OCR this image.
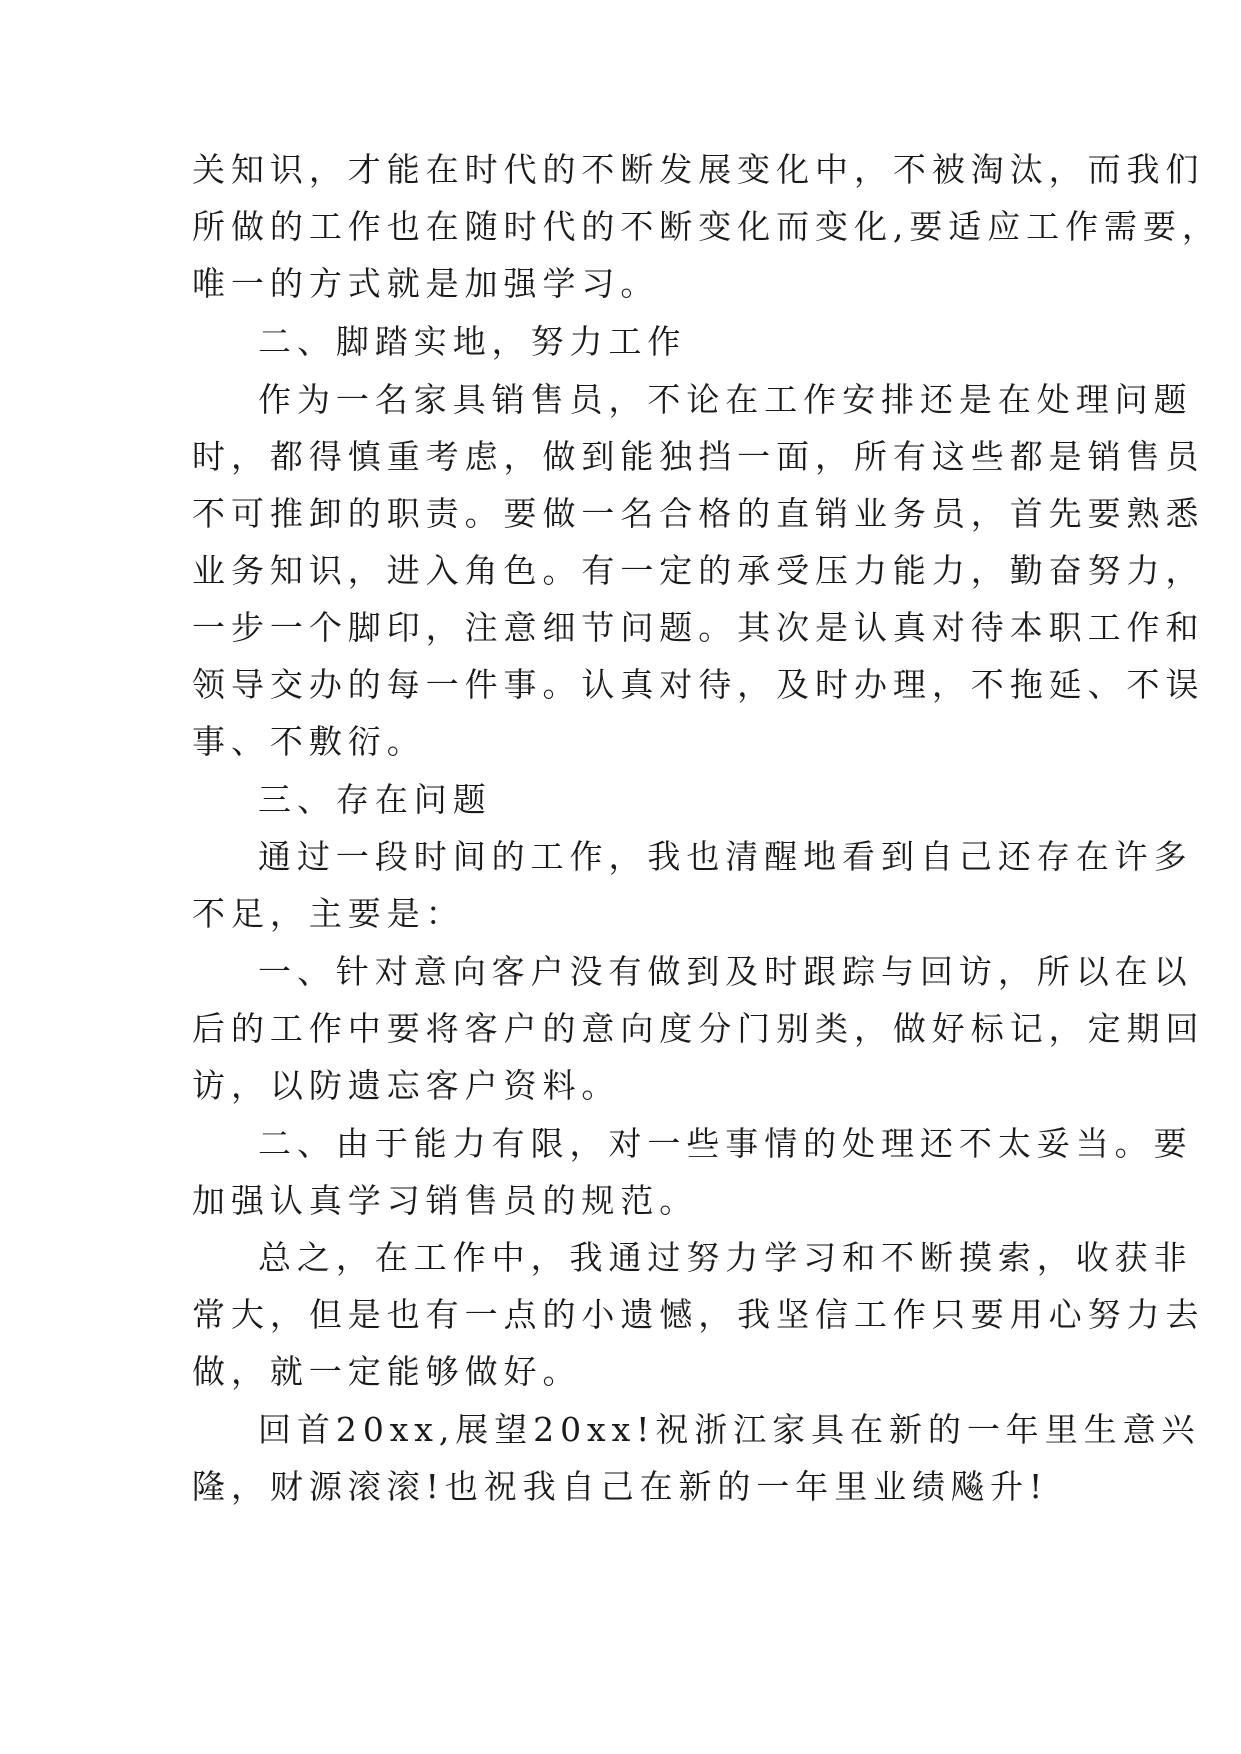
关知识，才能在时代的不断发展变化中，不被淘汰，而我们
所做的工作也在随时代的不断变化而变化,要适应工作需要，
唯一的方式就是加强学习。
二、脚踏实地，努力工作
作为一名家具销售员，不论在工作安排还是在处理问题
时，都得慎重考虑，做到能独挡一面，所有这些都是销售员
不可推卸的职责。要做一名合格的直销业务员，首先要熟悉
业务知识，进入角色。有一定的承受压力能力，勤奋努力，
一步一个脚印，注意细节问题。其次是认真对待本职工作和
领导交办的每一件事。认真对待，及时办理，不拖延、不误
事、不敷衍。
三、存在问题
通过一段时间的工作，我也清醒地看到自己还存在许多
不足，主要是：
一、针对意向客户没有做到及时跟踪与回访，所以在以
后的工作中要将客户的意向度分门别类，做好标记，定期回
访，以防遗忘客户资料。
二、由于能力有限，对一些事情的处理还不太妥当。要
加强认真学习销售员的规范。
总之，在工作中，我通过努力学习和不断摸索，收获非
常大，但是也有一点的小遗憾，我坚信工作只要用心努力去
做，就一定能够做好。
回首20xx,展望20xx!祝浙江家具在新的一年里生意兴
隆，财源滚滚!也祝我自己在新的一年里业绩飚升!
